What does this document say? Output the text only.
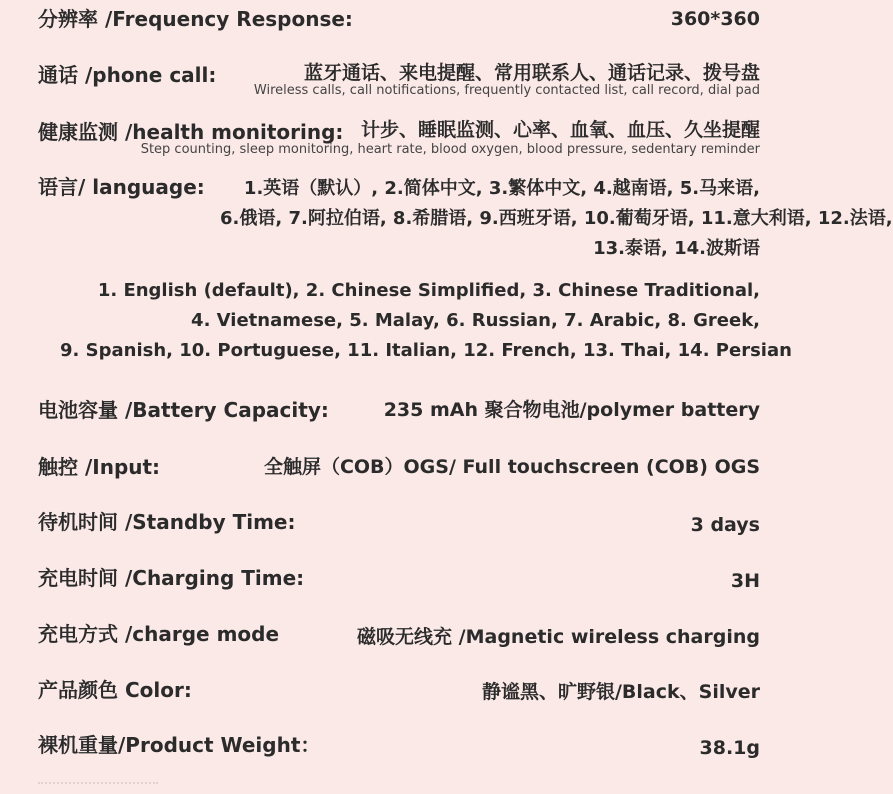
分辨率 /Frequency Response:	360*360
通话 /phone call:	蓝牙通话、来电提醒、常用联系人、通话记录、拨号盘
Wireless calls, call notifications, frequently contacted list, call record, dial pad
健康监测 /health monitoring: 计步、睡眠监测、心率、血氧、血压、久坐提醒
Step counting, sleep monitoring, heart rate, blood oxygen, blood pressure, sedentary reminder
语言/ language:	1.英语（默认）, 2.简体中文, 3.繁体中文, 4.越南语, 5.马来语,
6.俄语, 7.阿拉伯语, 8.希腊语, 9.西班牙语, 10.葡萄牙语, 11.意大利语, 12.法语,
13.泰语, 14.波斯语
1. English (default), 2. Chinese Simplified, 3. Chinese Traditional,
4. Vietnamese, 5. Malay, 6. Russian, 7. Arabic, 8. Greek,
9. Spanish, 10. Portuguese, 11. Italian, 12. French, 13. Thai, 14. Persian
电池容量 /Battery Capacity:	235 mAh 聚合物电池/polymer battery
触控 /Input:	全触屏（COB）OGS/ Full touchscreen (COB) OGS
待机时间 /Standby Time:	3 days
充电时间 /Charging Time:	3H
充电方式 /charge mode	磁吸无线充 /Magnetic wireless charging
产品颜色 Color:	静谧黑、旷野银/Black、Silver
裸机重量/Product Weight：	38.1g
